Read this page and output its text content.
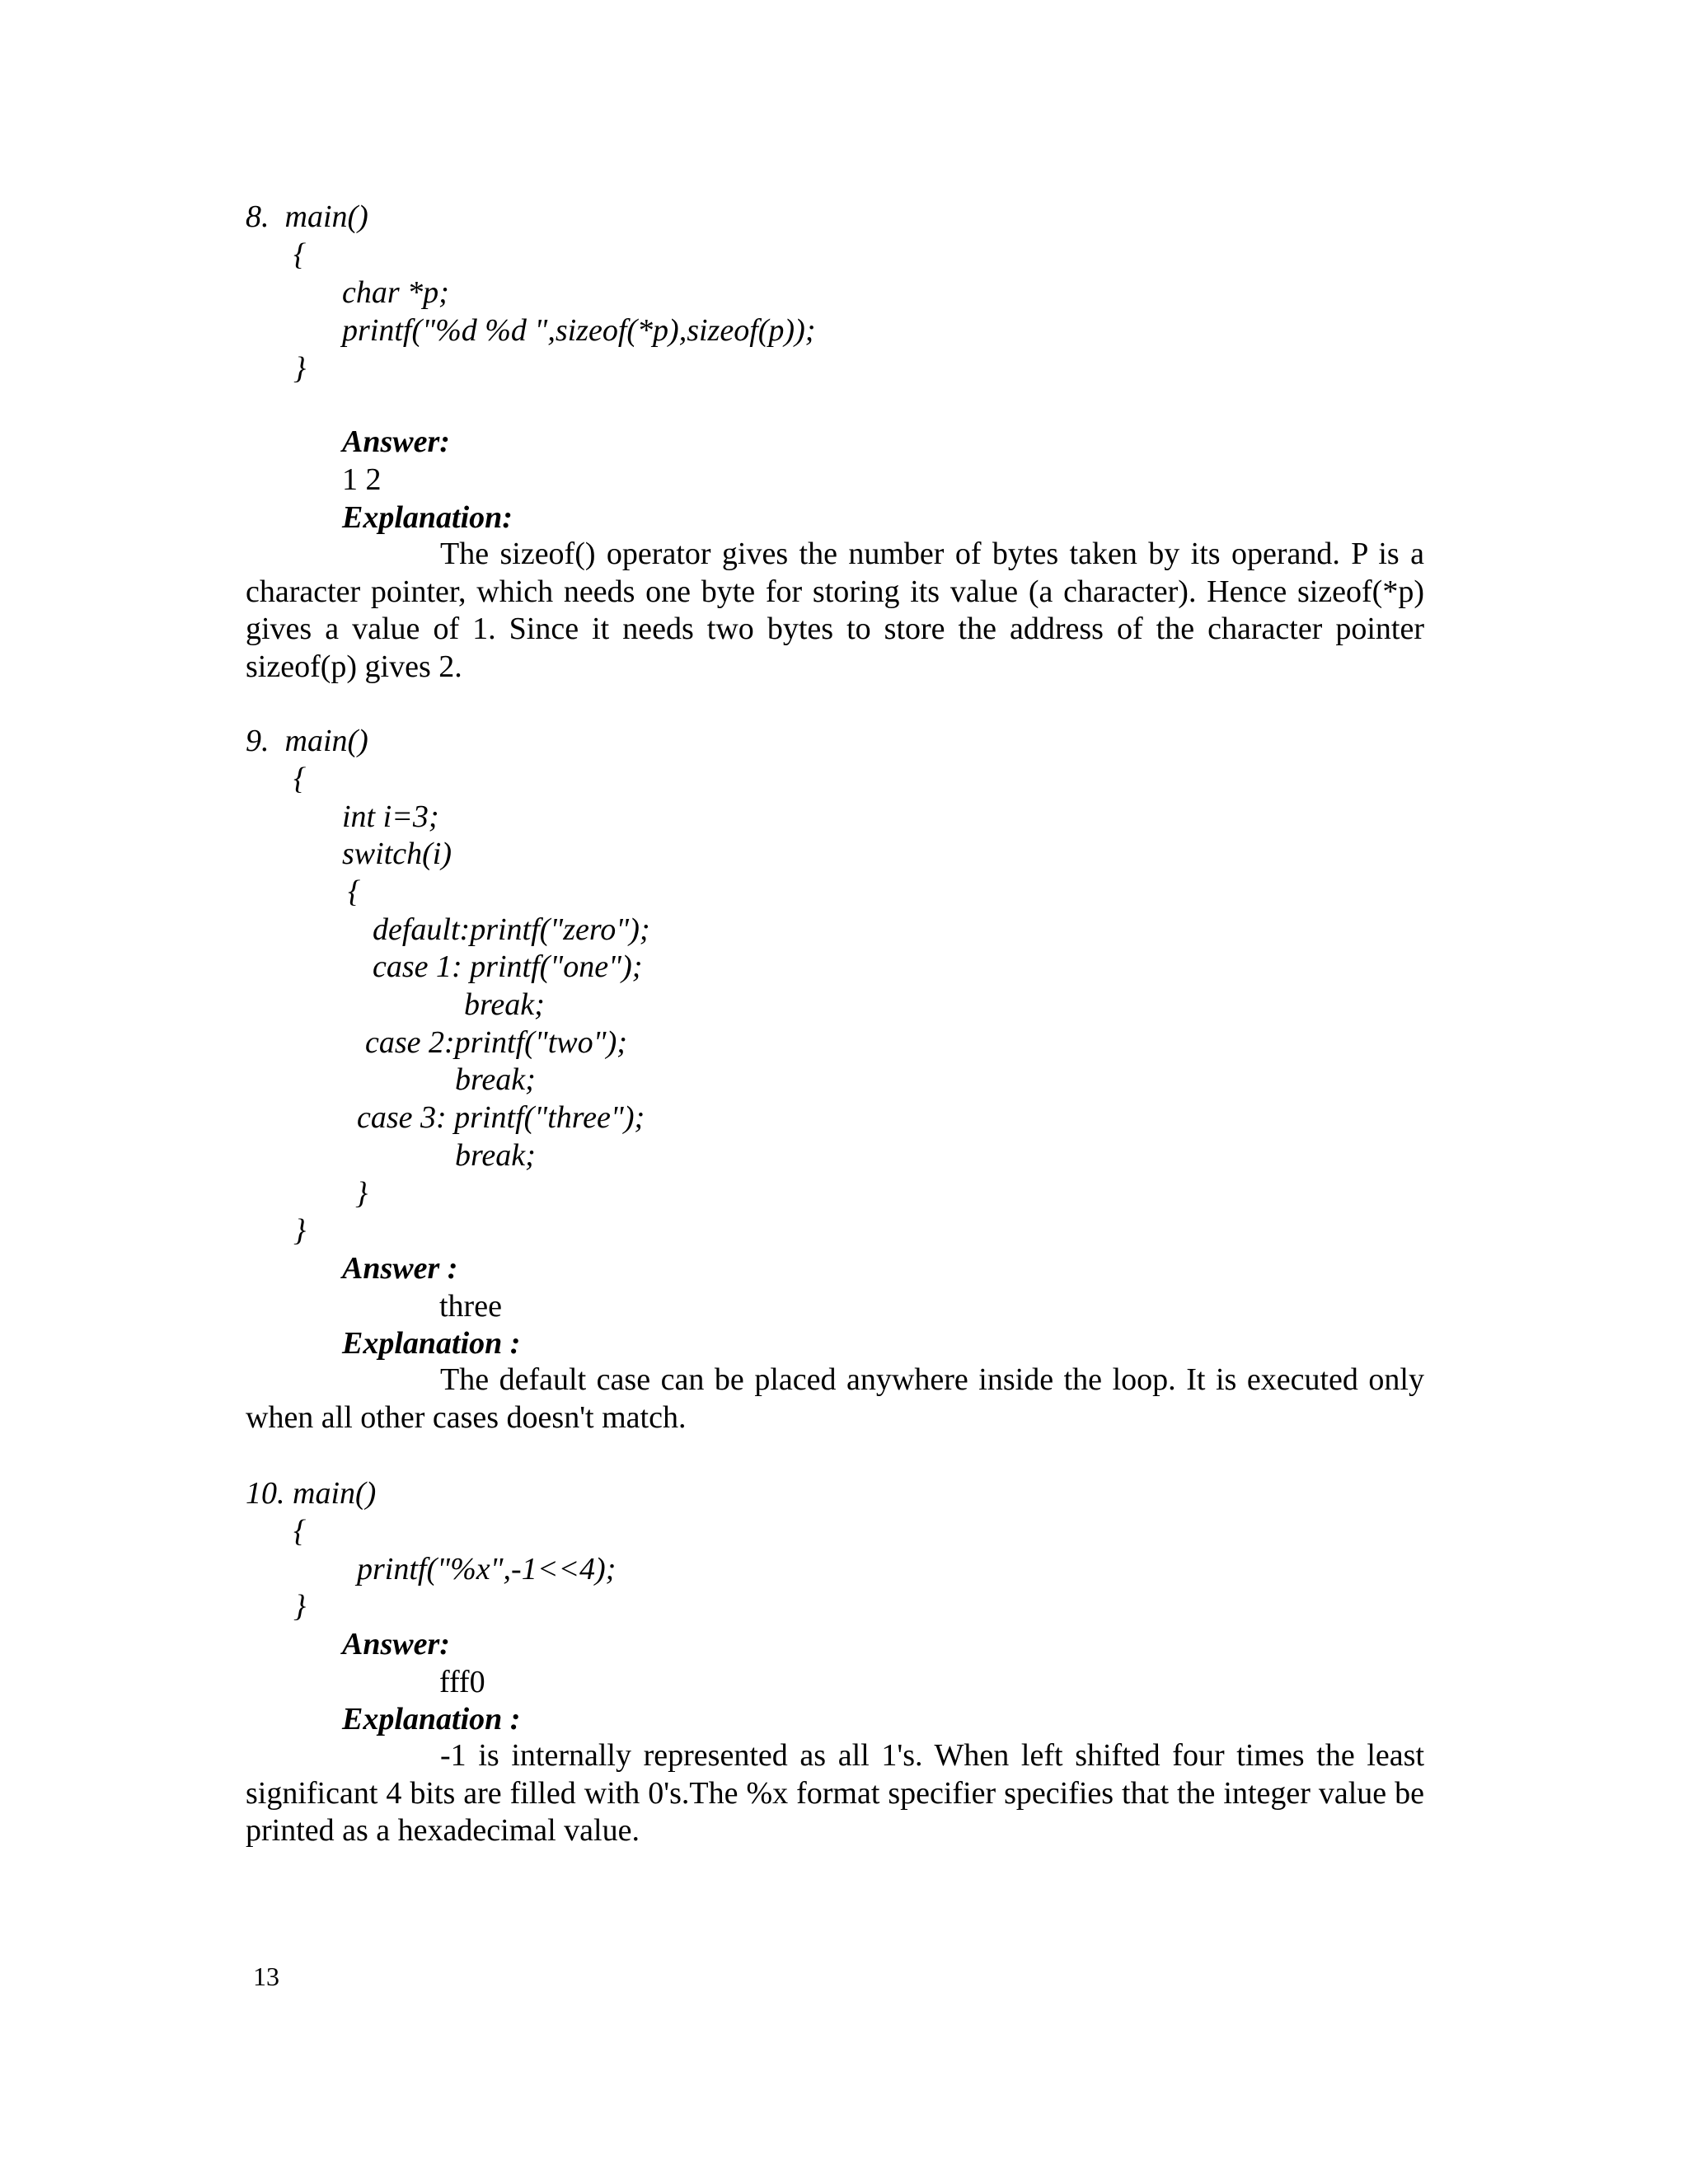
8.  main()
{
char *p;
printf("%d %d ",sizeof(*p),sizeof(p));
}
Answer:
1 2
Explanation:
The sizeof() operator gives the number of bytes taken by its operand. P is a character pointer, which needs one byte for storing its value (a character). Hence sizeof(*p) gives a value of 1. Since it needs two bytes to store the address of the character pointer sizeof(p) gives 2.
9.  main()
{
int i=3;
switch(i)
{
default:printf("zero");
case 1: printf("one");
break;
case 2:printf("two");
break;
case 3: printf("three");
break;
}
}
Answer :
three
Explanation :
The default case can be placed anywhere inside the loop. It is executed only when all other cases doesn't match.
10. main()
{
printf("%x",-1<<4);
}
Answer:
fff0
Explanation :
-1 is internally represented as all 1's. When left shifted four times the least significant 4 bits are filled with 0's.The %x format specifier specifies that the integer value be printed as a hexadecimal value.
13
